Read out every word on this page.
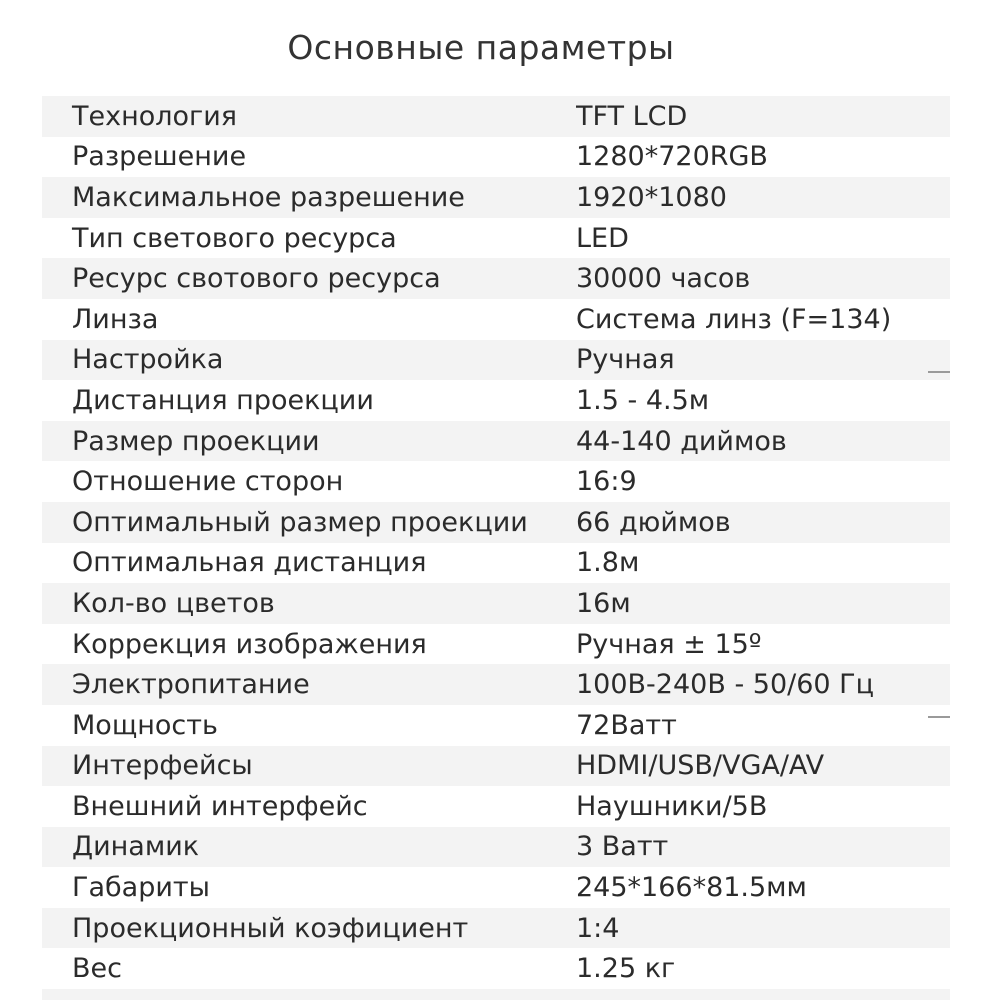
Основные параметры
Технология	TFT LCD
Разрешение	1280*720RGB
Максимальное разрешение	1920*1080
Тип светового ресурса	LED
Ресурс свотового ресурса	30000 часов
Линза	Система линз (F=134)
Настройка	Ручная
Дистанция проекции	1.5 - 4.5м
Размер проекции	44-140 диймов
Отношение сторон	16:9
Оптимальный размер проекции	66 дюймов
Оптимальная дистанция	1.8м
Кол-во цветов	16м
Коррекция изображения	Ручная ± 15º
Электропитание	100В-240В - 50/60 Гц
Мощность	72Ватт
Интерфейсы	HDMI/USB/VGA/AV
Внешний интерфейс	Наушники/5В
Динамик	3 Ватт
Габариты	245*166*81.5мм
Проекционный коэфициент	1:4
Вес	1.25 кг
